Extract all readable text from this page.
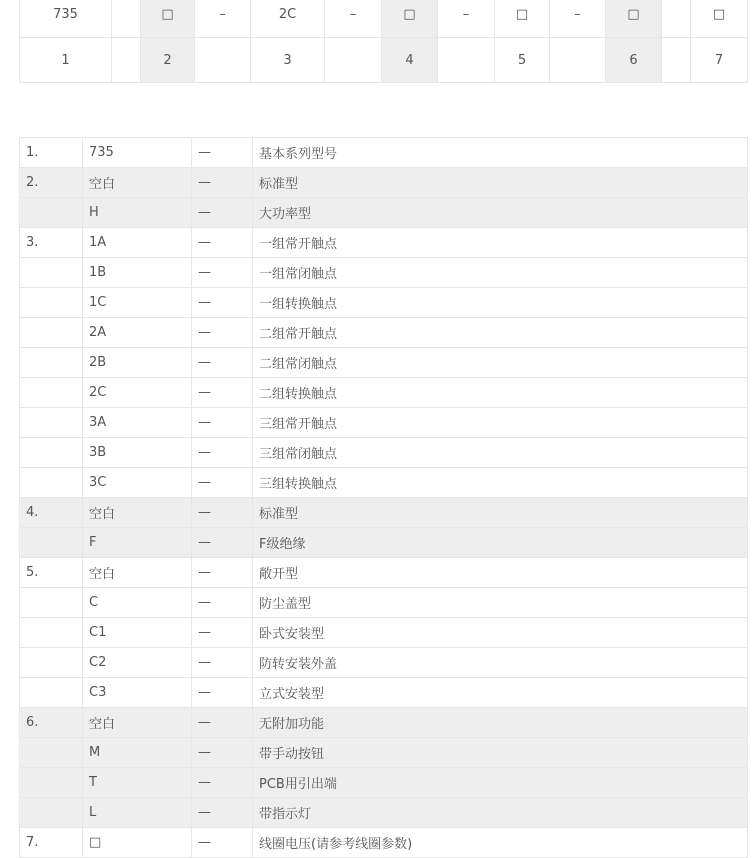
735		□	–	2C	–	□	–	□	–	□		□
1		2		3		4		5		6		7
1.	735	—	基本系列型号
2.	空白	—	标准型
	H	—	大功率型
3.	1A	—	一组常开触点
	1B	—	一组常闭触点
	1C	—	一组转换触点
	2A	—	二组常开触点
	2B	—	二组常闭触点
	2C	—	二组转换触点
	3A	—	三组常开触点
	3B	—	三组常闭触点
	3C	—	三组转换触点
4.	空白	—	标准型
	F	—	F级绝缘
5.	空白	—	敞开型
	C	—	防尘盖型
	C1	—	卧式安装型
	C2	—	防转安装外盖
	C3	—	立式安装型
6.	空白	—	无附加功能
	M	—	带手动按钮
	T	—	PCB用引出端
	L	—	带指示灯
7.	□	—	线圈电压(请参考线圈参数)
